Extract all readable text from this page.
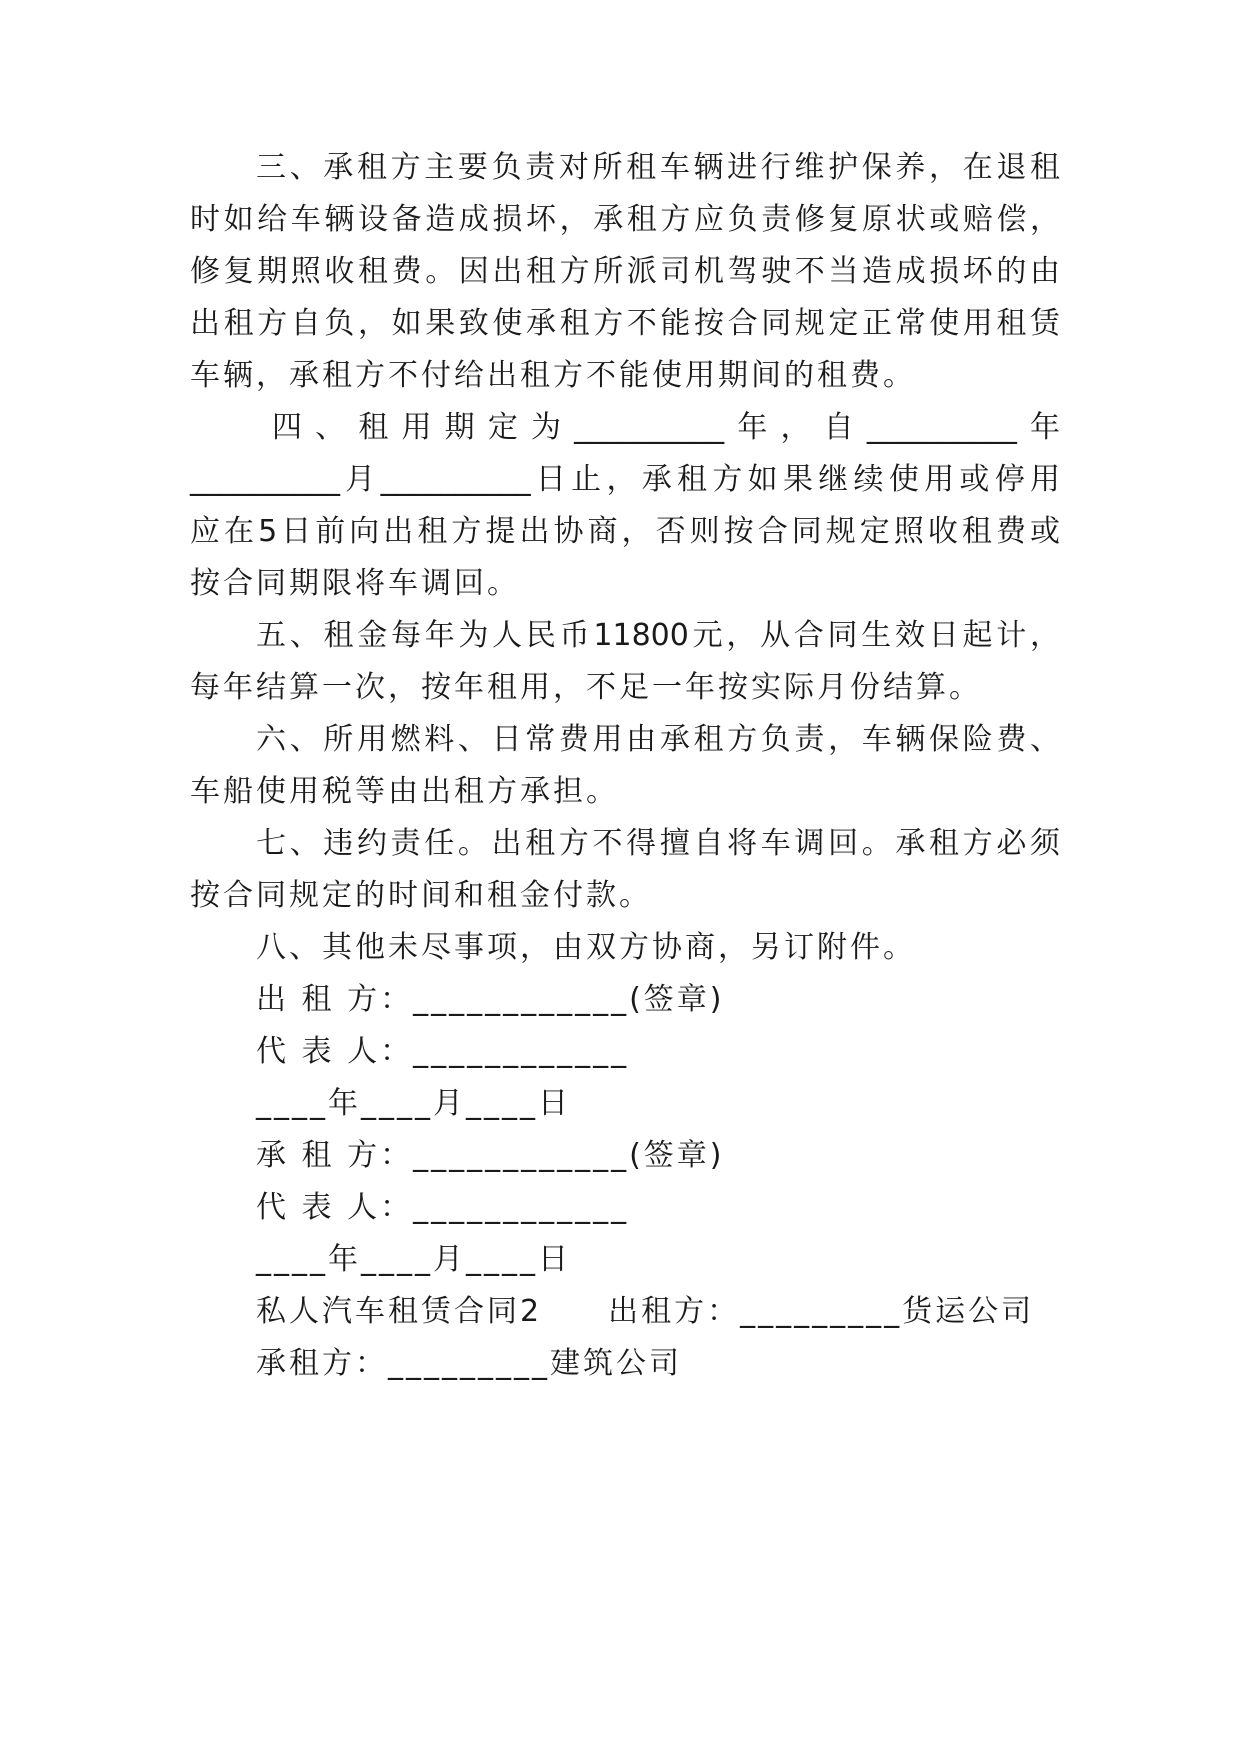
三、承租方主要负责对所租车辆进行维护保养，在退租
时如给车辆设备造成损坏，承租方应负责修复原状或赔偿，
修复期照收租费。因出租方所派司机驾驶不当造成损坏的由
出租方自负，如果致使承租方不能按合同规定正常使用租赁
车辆，承租方不付给出租方不能使用期间的租费。
四、租用期定为__________年，自__________年
__________月__________日止，承租方如果继续使用或停用
应在5日前向出租方提出协商，否则按合同规定照收租费或
按合同期限将车调回。
五、租金每年为人民币11800元，从合同生效日起计，
每年结算一次，按年租用，不足一年按实际月份结算。
六、所用燃料、日常费用由承租方负责，车辆保险费、
车船使用税等由出租方承担。
七、违约责任。出租方不得擅自将车调回。承租方必须
按合同规定的时间和租金付款。
八、其他未尽事项，由双方协商，另订附件。
出 租 方：____________(签章)
代 表 人：____________
____年____月____日
承 租 方：____________(签章)
代 表 人：____________
____年____月____日
私人汽车租赁合同2　　出租方：_________货运公司
承租方：_________建筑公司
